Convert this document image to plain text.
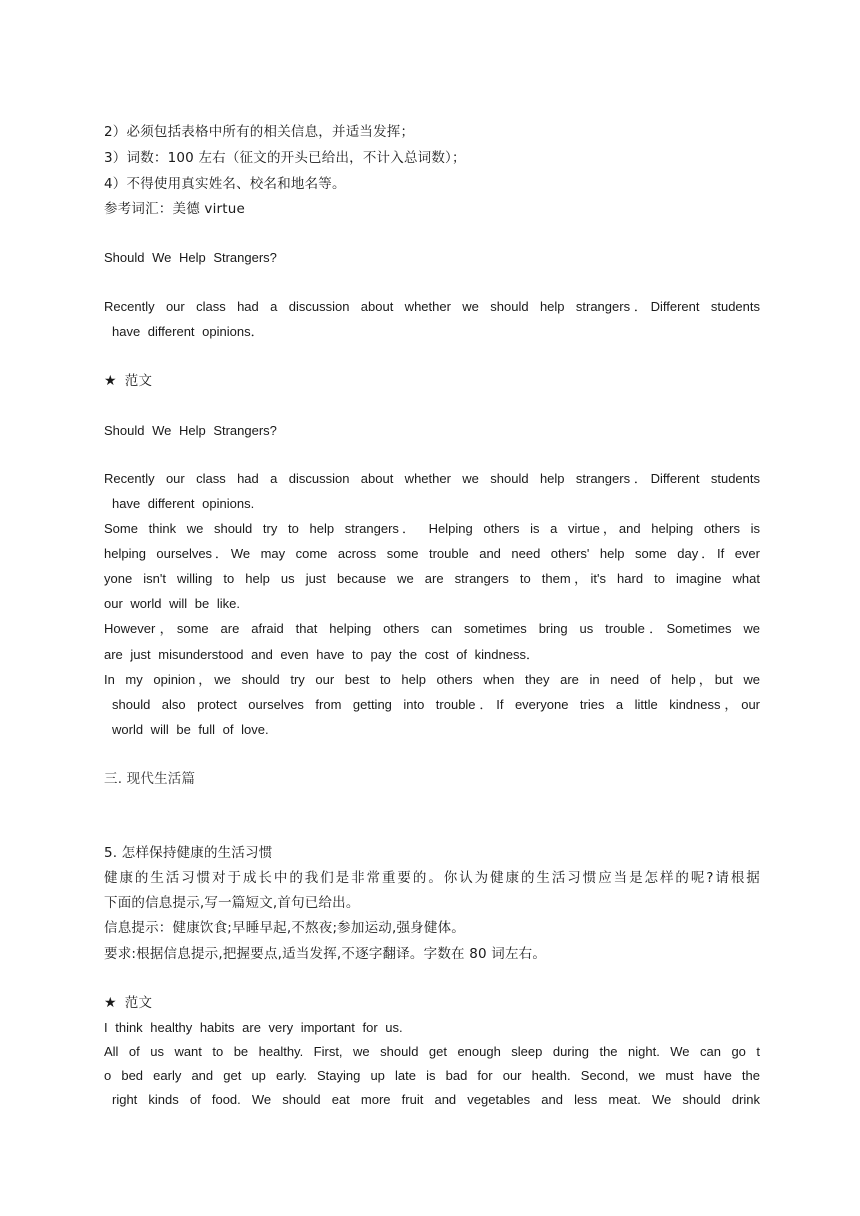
2）必须包括表格中所有的相关信息，并适当发挥；
3）词数：100 左右（征文的开头已给出，不计入总词数）；
4）不得使用真实姓名、校名和地名等。
参考词汇：美德 virtue
Should We Help Strangers?
Recently our class had a discussion about whether we should help strangers．Different students
have different opinions．
★ 范文
Should We Help Strangers?
Recently our class had a discussion about whether we should help strangers．Different students
have different opinions.
Some think we should try to help strangers． Helping others is a virtue，and helping others is
helping ourselves．We may come across some trouble and need others' help some day．If ever
yone isn't willing to help us just because we are strangers to them，it's hard to imagine what
our world will be like.
However，some are afraid that helping others can sometimes bring us trouble．Sometimes we
are just misunderstood and even have to pay the cost of kindness．
In my opinion，we should try our best to help others when they are in need of help，but we
should also protect ourselves from getting into trouble．If everyone tries a little kindness，our
world will be full of love.
三. 现代生活篇
5. 怎样保持健康的生活习惯
健康的生活习惯对于成长中的我们是非常重要的。你认为健康的生活习惯应当是怎样的呢?请根据
下面的信息提示,写一篇短文,首句已给出。
信息提示：健康饮食;早睡早起,不熬夜;参加运动,强身健体。
要求:根据信息提示,把握要点,适当发挥,不逐字翻译。字数在 80 词左右。
★ 范文
I think healthy habits are very important for us.
All of us want to be healthy. First, we should get enough sleep during the night. We can go t
o bed early and get up early. Staying up late is bad for our health. Second, we must have the
right kinds of food. We should eat more fruit and vegetables and less meat. We should drink
